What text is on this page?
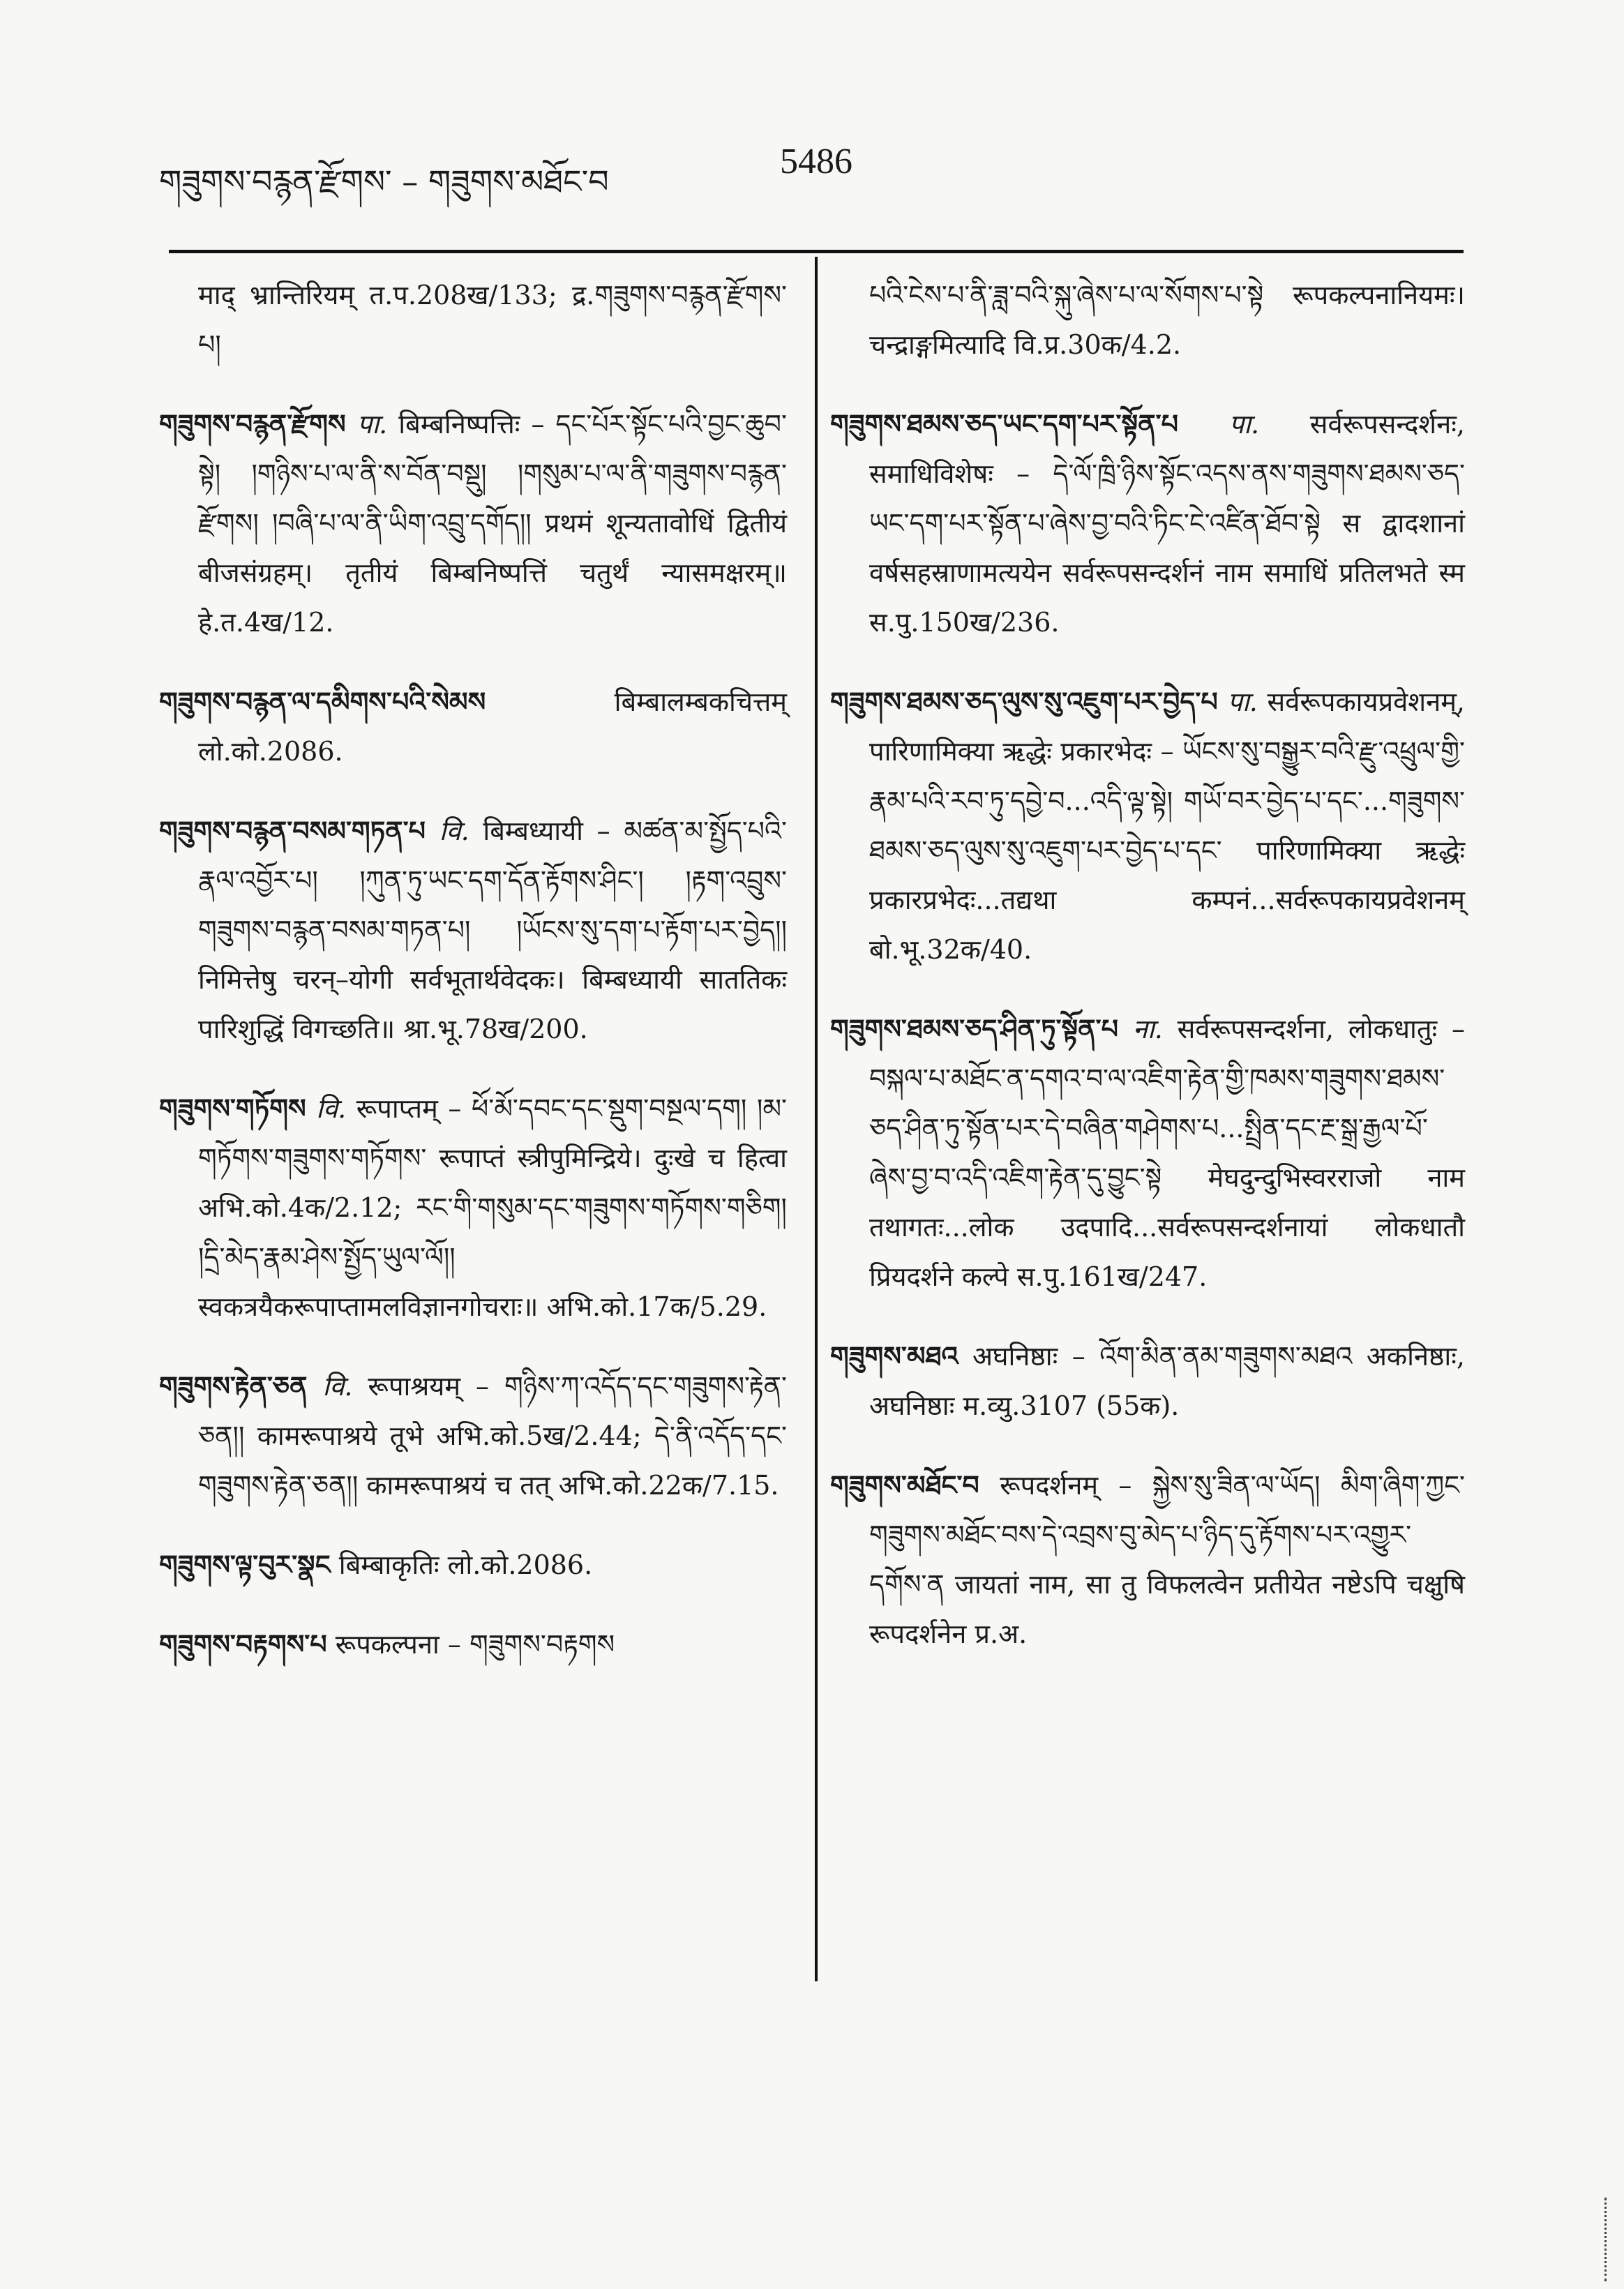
གཟུགས་བརྙན་རྫོགས་ – གཟུགས་མཐོང་བ	5486

माद् भ्रान्तिरियम् त.प.208ख/133; द्र.གཟུགས་བརྙན་རྫོགས་པ།

གཟུགས་བརྙན་རྫོགས पा. बिम्बनिष्पत्तिः – དང་པོར་སྟོང་པའི་བྱང་ཆུབ་སྟེ། །གཉིས་པ་ལ་ནི་ས་བོན་བསྡུ། །གསུམ་པ་ལ་ནི་གཟུགས་བརྙན་རྫོགས། །བཞི་པ་ལ་ནི་ཡིག་འབྲུ་དགོད།། प्रथमं शून्यतावोधिं द्वितीयं बीजसंग्रहम्। तृतीयं बिम्बनिष्पत्तिं चतुर्थं न्यासमक्षरम्॥ हे.त.4ख/12.

གཟུགས་བརྙན་ལ་དམིགས་པའི་སེམས	बिम्बालम्बकचित्तम् लो.को.2086.

གཟུགས་བརྙན་བསམ་གཏན་པ वि. बिम्बध्यायी – མཚན་མ་སྤྱོད་པའི་རྣལ་འབྱོར་པ། །ཀུན་ཏུ་ཡང་དག་དོན་རྟོགས་ཤིང་། །རྟག་འབྲུས་གཟུགས་བརྙན་བསམ་གཏན་པ། །ཡོངས་སུ་དག་པ་རྟོག་པར་བྱེད།། निमित्तेषु चरन्–योगी सर्वभूतार्थवेदकः। बिम्बध्यायी साततिकः पारिशुद्धिं विगच्छति॥ श्रा.भू.78ख/200.

གཟུགས་གཏོགས वि. रूपाप्तम् – ཕོ་མོ་དབང་དང་སྡུག་བསྔལ་དག། །མ་གཏོགས་གཟུགས་གཏོགས་ रूपाप्तं स्त्रीपुमिन्द्रिये। दुःखे च हित्वा अभि.को.4क/2.12; རང་གི་གསུམ་དང་གཟུགས་གཏོགས་གཅིག། །དྲི་མེད་རྣམ་ཤེས་སྤྱོད་ཡུལ་ལོ།། स्वकत्रयैकरूपाप्तामलविज्ञानगोचराः॥ अभि.को.17क/5.29.

གཟུགས་རྟེན་ཅན वि. रूपाश्रयम् – གཉིས་ཀ་འདོད་དང་གཟུགས་རྟེན་ཅན།། कामरूपाश्रये तूभे अभि.को.5ख/2.44; དེ་ནི་འདོད་དང་གཟུགས་རྟེན་ཅན།། कामरूपाश्रयं च तत् अभि.को.22क/7.15.

གཟུགས་ལྟ་བུར་སྣང बिम्बाकृतिः लो.को.2086.

གཟུགས་བརྟགས་པ रूपकल्पना – གཟུགས་བརྟགས

པའི་ངེས་པ་ནི་ཟླ་བའི་སྐུ་ཞེས་པ་ལ་སོགས་པ་སྟེ रूपकल्पनानियमः। चन्द्राङ्गमित्यादि वि.प्र.30क/4.2.

གཟུགས་ཐམས་ཅད་ཡང་དག་པར་སྟོན་པ पा. सर्वरूपसन्दर्शनः, समाधिविशेषः – དེ་ལོ་ཁྲི་ཉིས་སྟོང་འདས་ནས་གཟུགས་ཐམས་ཅད་ཡང་དག་པར་སྟོན་པ་ཞེས་བྱ་བའི་ཏིང་ངེ་འཛིན་ཐོབ་སྟེ स द्वादशानां वर्षसहस्राणामत्ययेन सर्वरूपसन्दर्शनं नाम समाधिं प्रतिलभते स्म स.पु.150ख/236.

གཟུགས་ཐམས་ཅད་ལུས་སུ་འཇུག་པར་བྱེད་པ पा. सर्वरूपकायप्रवेशनम्, पारिणामिक्या ऋद्धेः प्रकारभेदः – ཡོངས་སུ་བསྒྱུར་བའི་རྫུ་འཕྲུལ་གྱི་རྣམ་པའི་རབ་ཏུ་དབྱེ་བ...འདི་ལྟ་སྟེ། གཡོ་བར་བྱེད་པ་དང་...གཟུགས་ཐམས་ཅད་ལུས་སུ་འཇུག་པར་བྱེད་པ་དང་ पारिणामिक्या ऋद्धेः प्रकारप्रभेदः...तद्यथा कम्पनं...सर्वरूपकायप्रवेशनम् बो.भू.32क/40.

གཟུགས་ཐམས་ཅད་ཤིན་ཏུ་སྟོན་པ ना. सर्वरूपसन्दर्शना, लोकधातुः – བསྐལ་པ་མཐོང་ན་དགའ་བ་ལ་འཇིག་རྟེན་གྱི་ཁམས་གཟུགས་ཐམས་ཅད་ཤིན་ཏུ་སྟོན་པར་དེ་བཞིན་གཤེགས་པ...སྤྲིན་དང་རྔ་སྒྲ་རྒྱལ་པོ་ཞེས་བྱ་བ་འདི་འཇིག་རྟེན་དུ་བྱུང་སྟེ मेघदुन्दुभिस्वरराजो नाम तथागतः...लोक उदपादि...सर्वरूपसन्दर्शनायां लोकधातौ प्रियदर्शने कल्पे स.पु.161ख/247.

གཟུགས་མཐའ अघनिष्ठाः – འོག་མིན་ནམ་གཟུགས་མཐའ अकनिष्ठाः, अघनिष्ठाः म.व्यु.3107 (55क).

གཟུགས་མཐོང་བ रूपदर्शनम् – སྐྱེས་སུ་ཟིན་ལ་ཡོད། མིག་ཞིག་ཀྱང་གཟུགས་མཐོང་བས་དེ་འབྲས་བུ་མེད་པ་ཉིད་དུ་རྟོགས་པར་འགྱུར་དགོས་ན जायतां नाम, सा तु विफलत्वेन प्रतीयेत नष्टेऽपि चक्षुषि रूपदर्शनेन प्र.अ.
